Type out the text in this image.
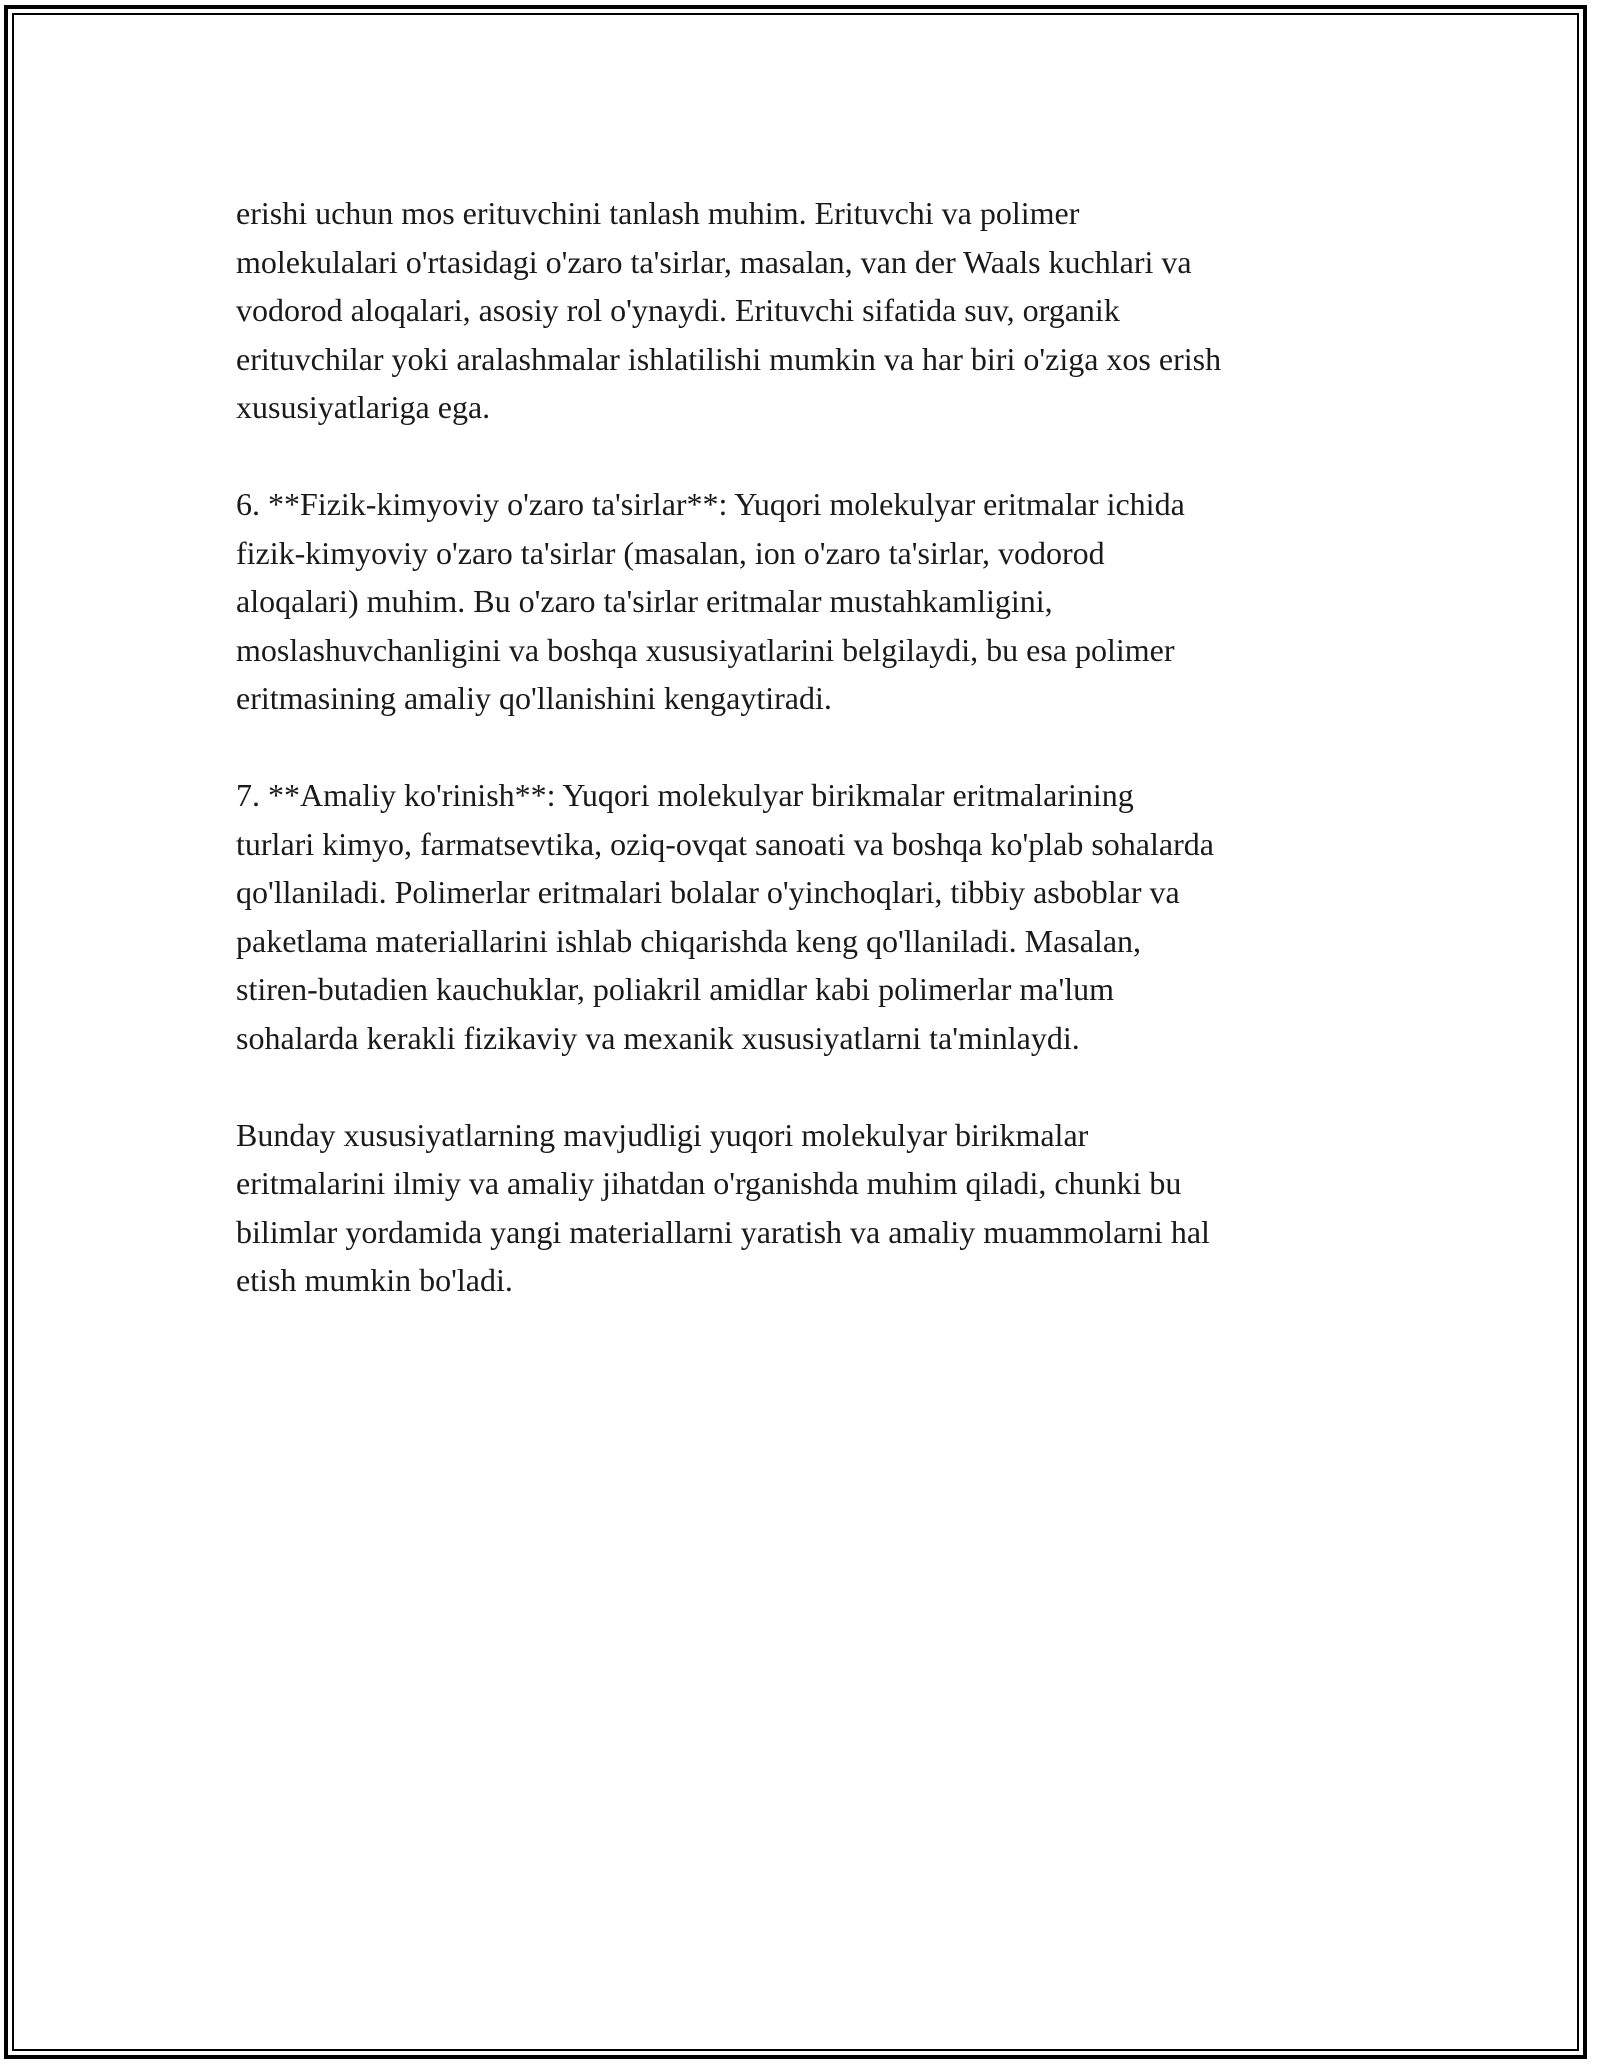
erishi uchun mos erituvchini tanlash muhim. Erituvchi va polimer
molekulalari o'rtasidagi o'zaro ta'sirlar, masalan, van der Waals kuchlari va
vodorod aloqalari, asosiy rol o'ynaydi. Erituvchi sifatida suv, organik
erituvchilar yoki aralashmalar ishlatilishi mumkin va har biri o'ziga xos erish
xususiyatlariga ega.

6. **Fizik-kimyoviy o'zaro ta'sirlar**: Yuqori molekulyar eritmalar ichida
fizik-kimyoviy o'zaro ta'sirlar (masalan, ion o'zaro ta'sirlar, vodorod
aloqalari) muhim. Bu o'zaro ta'sirlar eritmalar mustahkamligini,
moslashuvchanligini va boshqa xususiyatlarini belgilaydi, bu esa polimer
eritmasining amaliy qo'llanishini kengaytiradi.

7. **Amaliy ko'rinish**: Yuqori molekulyar birikmalar eritmalarining
turlari kimyo, farmatsevtika, oziq-ovqat sanoati va boshqa ko'plab sohalarda
qo'llaniladi. Polimerlar eritmalari bolalar o'yinchoqlari, tibbiy asboblar va
paketlama materiallarini ishlab chiqarishda keng qo'llaniladi. Masalan,
stiren-butadien kauchuklar, poliakril amidlar kabi polimerlar ma'lum
sohalarda kerakli fizikaviy va mexanik xususiyatlarni ta'minlaydi.

Bunday xususiyatlarning mavjudligi yuqori molekulyar birikmalar
eritmalarini ilmiy va amaliy jihatdan o'rganishda muhim qiladi, chunki bu
bilimlar yordamida yangi materiallarni yaratish va amaliy muammolarni hal
etish mumkin bo'ladi.
